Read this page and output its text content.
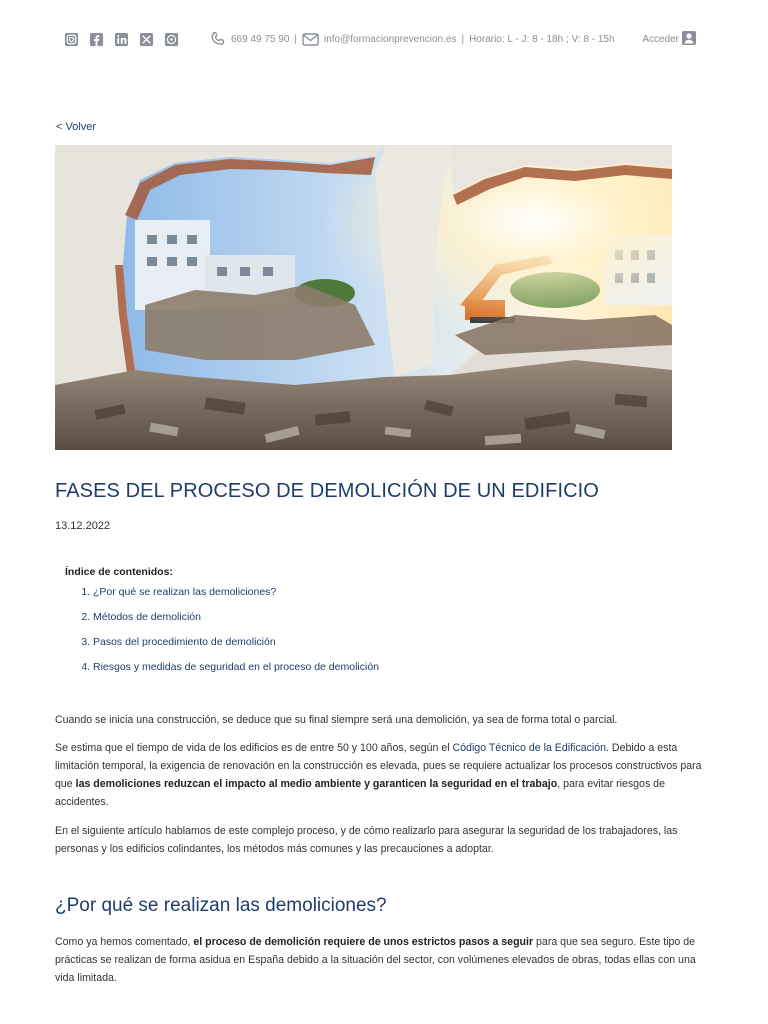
669 49 75 90 |	info@formacionprevencion.es | Horario: L - J: 8 - 18h ; V: 8 - 15h	Acceder
< Volver
FASES DEL PROCESO DE DEMOLICIÓN DE UN EDIFICIO
13.12.2022

Índice de contenidos:

1. ¿Por qué se realizan las demoliciones?
2. Métodos de demolición
3. Pasos del procedimiento de demolición
4. Riesgos y medidas de seguridad en el proceso de demolición

Cuando se inicia una construcción, se deduce que su final siempre será una demolición, ya sea de forma total o parcial.

Se estima que el tiempo de vida de los edificios es de entre 50 y 100 años, según el Código Técnico de la Edificación. Debido a esta limitación temporal, la exigencia de renovación en la construcción es elevada, pues se requiere actualizar los procesos constructivos para que las demoliciones reduzcan el impacto al medio ambiente y garanticen la seguridad en el trabajo, para evitar riesgos de accidentes.

En el siguiente artículo hablamos de este complejo proceso, y de cómo realizarlo para asegurar la seguridad de los trabajadores, las personas y los edificios colindantes, los métodos más comunes y las precauciones a adoptar.

¿Por qué se realizan las demoliciones?

Como ya hemos comentado, el proceso de demolición requiere de unos estrictos pasos a seguir para que sea seguro. Este tipo de prácticas se realizan de forma asidua en España debido a la situación del sector, con volúmenes elevados de obras, todas ellas con una vida limitada.
